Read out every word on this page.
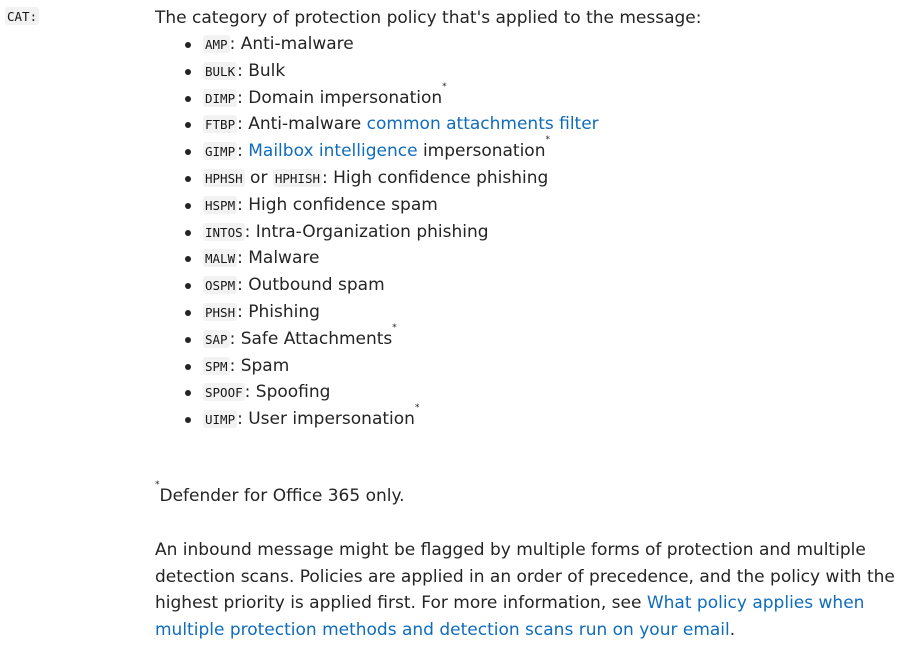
CAT:	The category of protection policy that's applied to the message:

AMP : Anti-malware
BULK : Bulk
DIMP : Domain impersonation*
FTBP : Anti-malware common attachments filter
GIMP : Mailbox intelligence impersonation*
HPHSH or HPHISH : High confidence phishing
HSPM : High confidence spam
INTOS : Intra-Organization phishing
MALW : Malware
OSPM : Outbound spam
PHSH : Phishing
SAP : Safe Attachments*
SPM : Spam
SPOOF : Spoofing
UIMP : User impersonation*

*Defender for Office 365 only.

An inbound message might be flagged by multiple forms of protection and multiple detection scans. Policies are applied in an order of precedence, and the policy with the highest priority is applied first. For more information, see What policy applies when multiple protection methods and detection scans run on your email.
